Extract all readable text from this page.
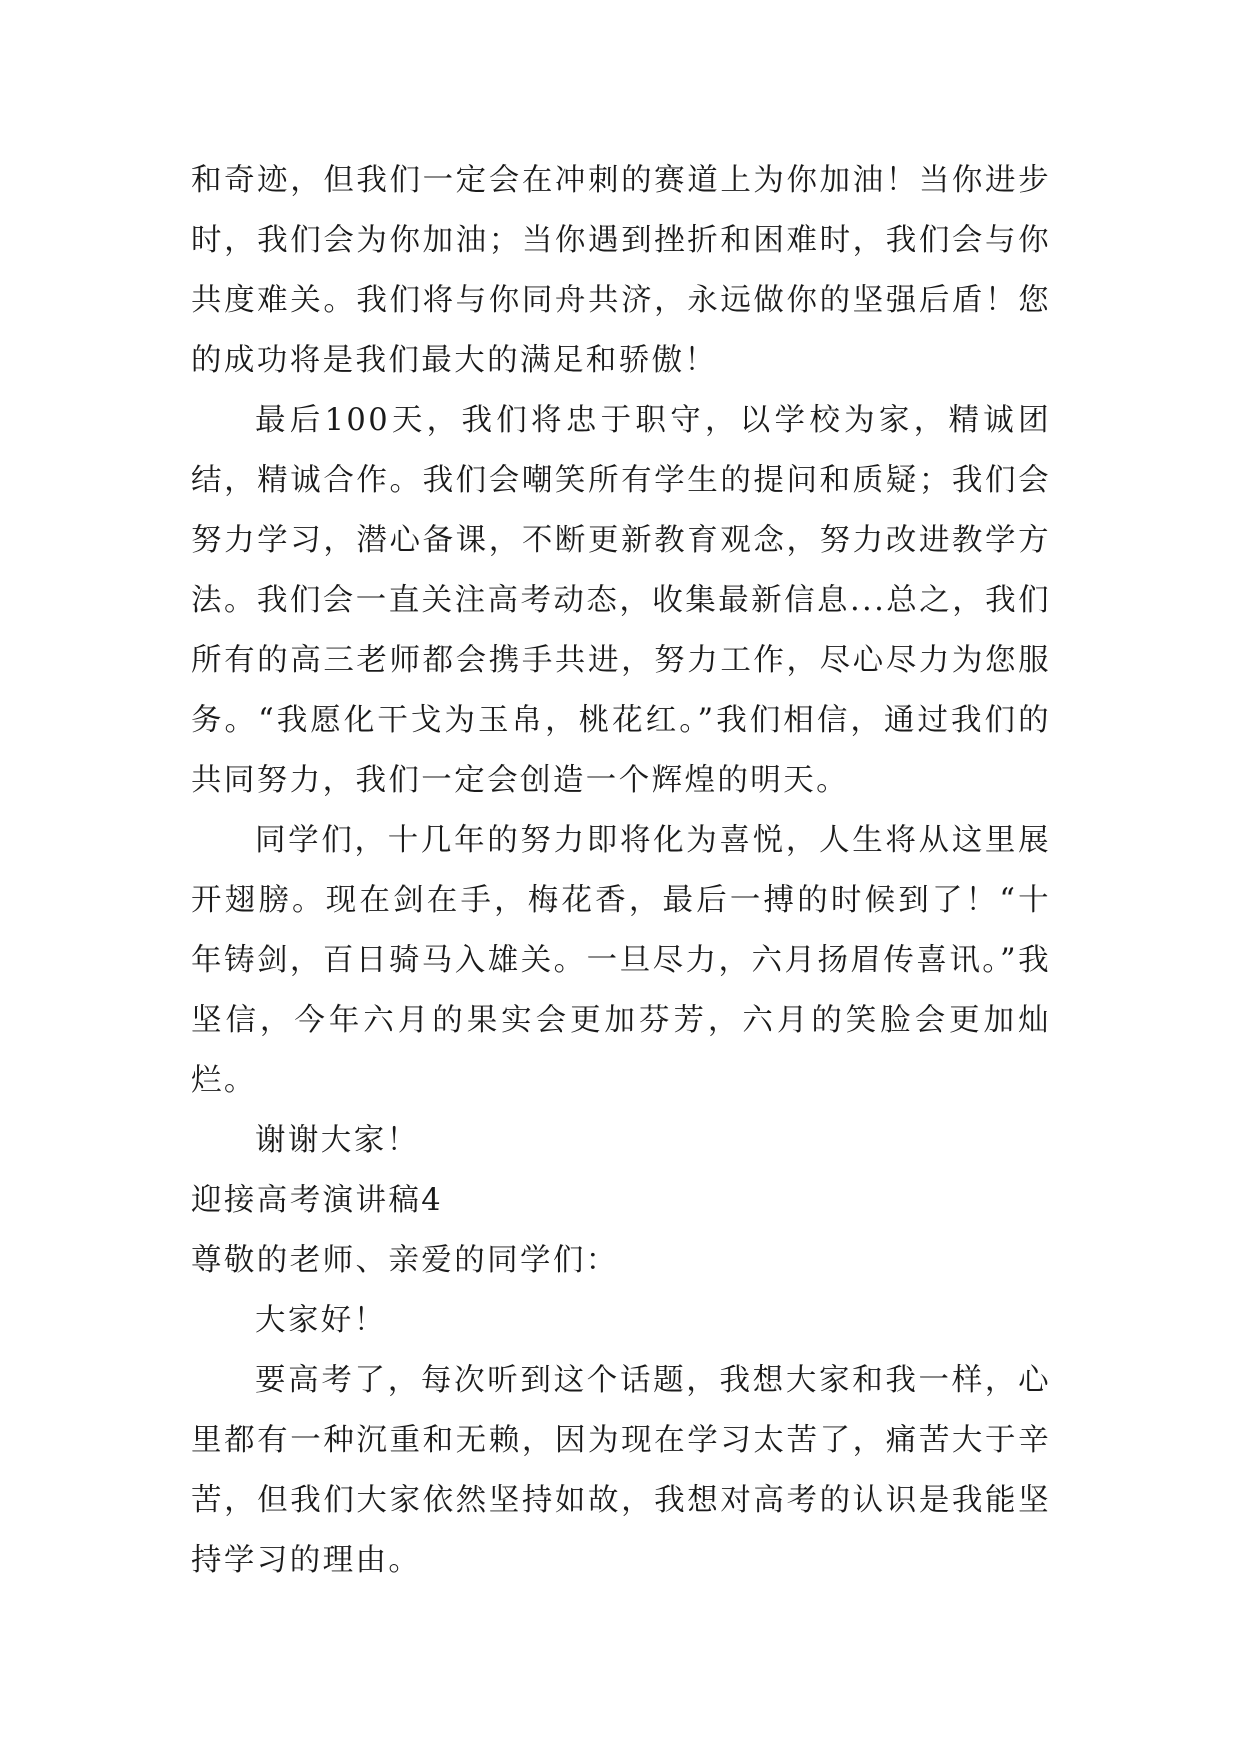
和奇迹，但我们一定会在冲刺的赛道上为你加油！当你进步时，我们会为你加油；当你遇到挫折和困难时，我们会与你共度难关。我们将与你同舟共济，永远做你的坚强后盾！您的成功将是我们最大的满足和骄傲！

最后100天，我们将忠于职守，以学校为家，精诚团结，精诚合作。我们会嘲笑所有学生的提问和质疑；我们会努力学习，潜心备课，不断更新教育观念，努力改进教学方法。我们会一直关注高考动态，收集最新信息...总之，我们所有的高三老师都会携手共进，努力工作，尽心尽力为您服务。“我愿化干戈为玉帛，桃花红。”我们相信，通过我们的共同努力，我们一定会创造一个辉煌的明天。

同学们，十几年的努力即将化为喜悦，人生将从这里展开翅膀。现在剑在手，梅花香，最后一搏的时候到了！“十年铸剑，百日骑马入雄关。一旦尽力，六月扬眉传喜讯。”我坚信，今年六月的果实会更加芬芳，六月的笑脸会更加灿烂。

谢谢大家！

迎接高考演讲稿4

尊敬的老师、亲爱的同学们：

大家好！

要高考了，每次听到这个话题，我想大家和我一样，心里都有一种沉重和无赖，因为现在学习太苦了，痛苦大于辛苦，但我们大家依然坚持如故，我想对高考的认识是我能坚持学习的理由。
